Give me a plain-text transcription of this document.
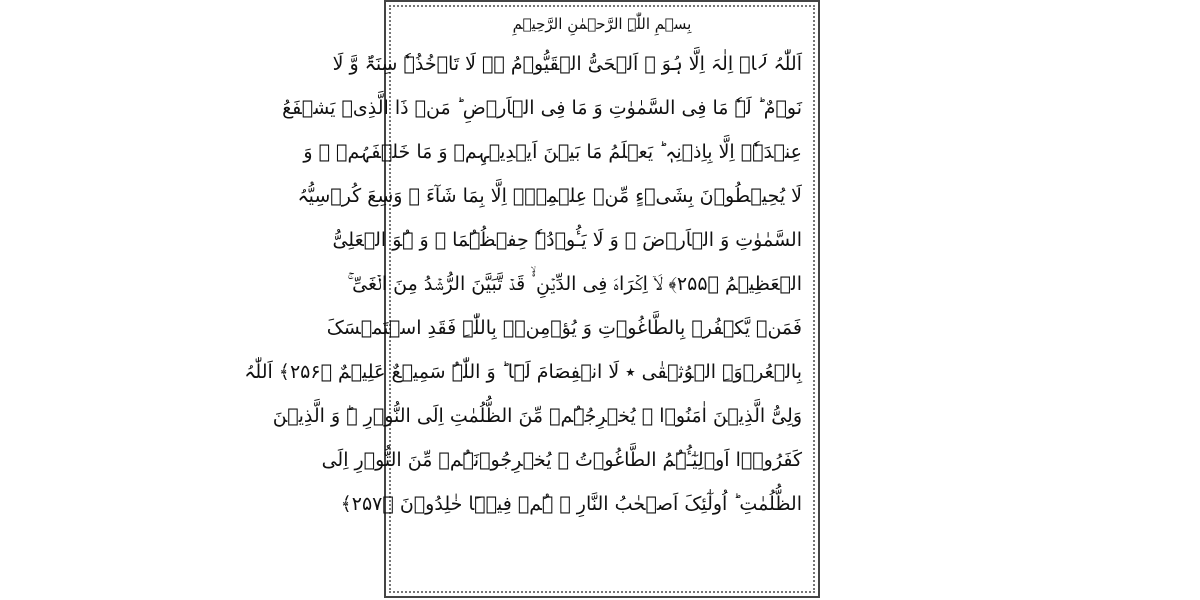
بِسۡمِ اللّٰہِ الرَّحۡمٰنِ الرَّحِیۡمِ
اَللّٰہُ لَاۤ اِلٰہَ اِلَّا ہُوَ ۚ اَلۡحَیُّ الۡقَیُّوۡمُ ۬ۚ لَا تَاۡخُذُہٗ سِنَۃٌ وَّ لَا
نَوۡمٌ ؕ لَہٗ مَا فِی السَّمٰوٰتِ وَ مَا فِی الۡاَرۡضِ ؕ مَنۡ ذَا الَّذِیۡ یَشۡفَعُ
عِنۡدَہٗۤ اِلَّا بِاِذۡنِہٖ ؕ یَعۡلَمُ مَا بَیۡنَ اَیۡدِیۡہِمۡ وَ مَا خَلۡفَہُمۡ ۚ وَ
لَا یُحِیۡطُوۡنَ بِشَیۡءٍ مِّنۡ عِلۡمِہٖۤ اِلَّا بِمَا شَآءَ ۚ وَسِعَ کُرۡسِیُّہُ
السَّمٰوٰتِ وَ الۡاَرۡضَ ۚ وَ لَا یَـُٔوۡدُہٗ حِفۡظُہُمَا ۚ وَ ہُوَ الۡعَلِیُّ
الۡعَظِیۡمُ ﴿۲۵۵﴾ لَاۤ اِکۡرَاہَ فِی الدِّیۡنِ ۟ۙ قَدۡ تَّبَیَّنَ الرُّشۡدُ مِنَ الۡغَیِّ ۚ
فَمَنۡ یَّکۡفُرۡ بِالطَّاغُوۡتِ وَ یُؤۡمِنۡۢ بِاللّٰہِ فَقَدِ اسۡتَمۡسَکَ
بِالۡعُرۡوَۃِ الۡوُثۡقٰی ٭ لَا انۡفِصَامَ لَہَا ؕ وَ اللّٰہُ سَمِیۡعٌ عَلِیۡمٌ ﴿۲۵۶﴾ اَللّٰہُ
وَلِیُّ الَّذِیۡنَ اٰمَنُوۡا ۙ یُخۡرِجُہُمۡ مِّنَ الظُّلُمٰتِ اِلَی النُّوۡرِ ۬ؕ وَ الَّذِیۡنَ
کَفَرُوۡۤا اَوۡلِیٰٓـُٔہُمُ الطَّاغُوۡتُ ۙ یُخۡرِجُوۡنَہُمۡ مِّنَ النُّوۡرِ اِلَی
الظُّلُمٰتِ ؕ اُولٰٓئِکَ اَصۡحٰبُ النَّارِ ۚ ہُمۡ فِیۡہَا خٰلِدُوۡنَ ﴿۲۵۷﴾
